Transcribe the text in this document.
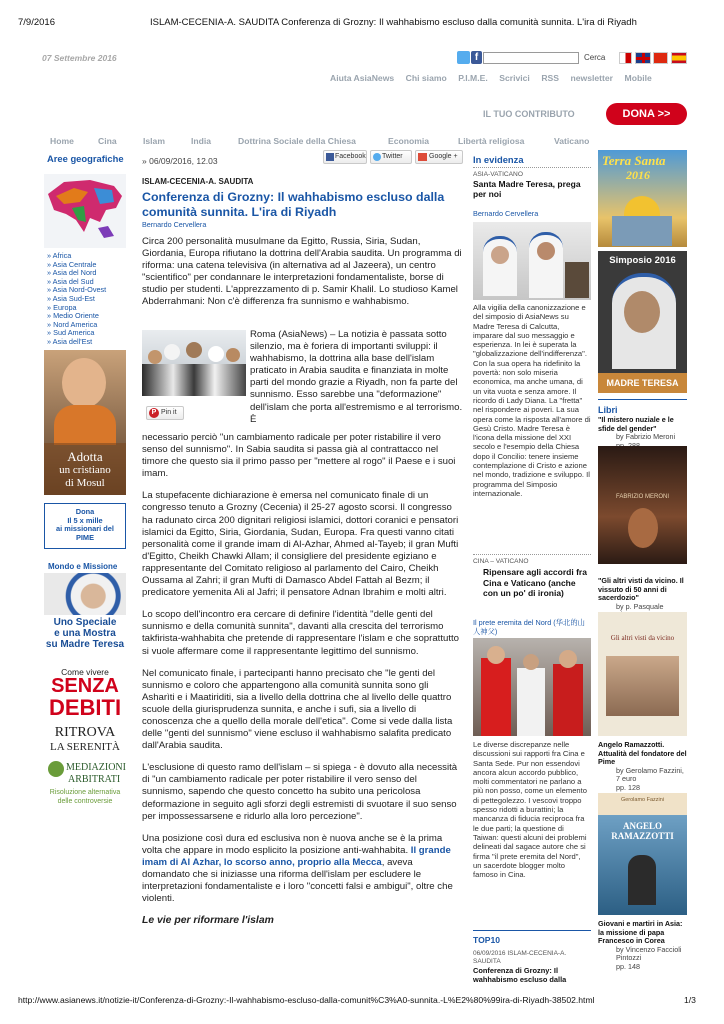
7/9/2016	ISLAM-CECENIA-A. SAUDITA Conferenza di Grozny: Il wahhabismo escluso dalla comunità sunnita. L'ira di Riyadh
07 Settembre 2016	f	Cerca
Aiuta AsiaNews Chi siamo P.I.M.E. Scrivici RSS newsletter Mobile
IL TUO CONTRIBUTO	DONA >>
Home	Cina	Islam	India	Dottrina Sociale della Chiesa	Economia	Libertà religiosa	Vaticano
Aree geografiche
» Africa
» Asia Centrale
» Asia del Nord
» Asia del Sud
» Asia Nord-Ovest
» Asia Sud-Est
» Europa
» Medio Oriente
» Nord America
» Sud America
» Asia dell'Est
Adotta
un cristiano
di Mosul
Dona
Il 5 x mille
ai missionari del
PIME
Mondo e Missione
Uno Speciale
e una Mostra
su Madre Teresa
Come vivere
SENZA
DEBITI
RITROVA
LA SERENITÀ
MEDIAZIONI
ARBITRATI
Risoluzione alternativa
delle controversie
» 06/09/2016, 12.03	Facebook	Twitter	Google +
ISLAM-CECENIA-A. SAUDITA
Conferenza di Grozny: Il wahhabismo escluso dalla comunità sunnita. L'ira di Riyadh
Bernardo Cervellera

Circa 200 personalità musulmane da Egitto, Russia, Siria, Sudan, Giordania, Europa rifiutano la dottrina dell'Arabia saudita. Un programma di riforma: una catena televisiva (in alternativa ad al Jazeera), un centro "scientifico" per condannare le interpretazioni fondamentaliste, borse di studio per studenti. L'apprezzamento di p. Samir Khalil. Lo studioso Kamel Abderrahmani: Non c'è differenza fra sunnismo e wahhabismo.

P Pin it

Roma (AsiaNews) – La notizia è passata sotto silenzio, ma è foriera di importanti sviluppi: il wahhabismo, la dottrina alla base dell'islam praticato in Arabia saudita e finanziata in molte parti del mondo grazie a Riyadh, non fa parte del sunnismo. Esso sarebbe una "deformazione" dell'islam che porta all'estremismo e al terrorismo. È

necessario perciò "un cambiamento radicale per poter ristabilire il vero senso del sunnismo". In Sabia saudita si passa già al contrattacco nel timore che questo sia il primo passo per "mettere al rogo" il Paese e i suoi imam.

La stupefacente dichiarazione è emersa nel comunicato finale di un congresso tenuto a Grozny (Cecenia) il 25-27 agosto scorsi. Il congresso ha radunato circa 200 dignitari religiosi islamici, dottori coranici e pensatori islamici da Egitto, Siria, Giordania, Sudan, Europa. Fra questi vanno citati personalità come il grande imam di Al-Azhar, Ahmed al-Tayeb; il gran Mufti d'Egitto, Cheikh Chawki Allam; il consigliere del presidente egiziano e rappresentante del Comitato religioso al parlamento del Cairo, Cheikh Oussama al Zahri; il gran Mufti di Damasco Abdel Fattah al Bezm; il predicatore yemenita Ali al Jafri; il pensatore Adnan Ibrahim e molti altri.

Lo scopo dell'incontro era cercare di definire l'identità "delle genti del sunnismo e della comunità sunnita", davanti alla crescita del terrorismo takfirista-wahhabita che pretende di rappresentare l'islam e che soprattutto si vuole affermare come il rappresentante legittimo del sunnismo.

Nel comunicato finale, i partecipanti hanno precisato che "le genti del sunnismo e coloro che appartengono alla comunità sunnita sono gli Asharìti e i Maatiriditi, sia a livello della dottrina che al livello delle quattro scuole della giurisprudenza sunnita, e anche i sufi, sia a livello di conoscenza che a quello della morale dell'etica". Come si vede dalla lista delle "genti del sunnismo" viene escluso il wahhabismo salafita predicato dall'Arabia saudita.

L'esclusione di questo ramo dell'islam – si spiega - è dovuto alla necessità di "un cambiamento radicale per poter ristabilire il vero senso del sunnismo, sapendo che questo concetto ha subito una pericolosa deformazione in seguito agli sforzi degli estremisti di svuotare il suo senso per impossessarsene e ridurlo alla loro percezione".

Una posizione così dura ed esclusiva non è nuova anche se è la prima volta che appare in modo esplicito la posizione anti-wahhabita. Il grande imam di Al Azhar, lo scorso anno, proprio alla Mecca, aveva domandato che si iniziasse una riforma dell'islam per escludere le interpretazioni fondamentaliste e i loro "concetti falsi e ambigui", oltre che violenti.

Le vie per riformare l'islam

In evidenza
ASIA-VATICANO
Santa Madre Teresa, prega per noi
Bernardo Cervellera
Alla vigilia della canonizzazione e del simposio di AsiaNews su Madre Teresa di Calcutta, imparare dal suo messaggio e esperienza. In lei è superata la "globalizzazione dell'indifferenza". Con la sua opera ha ridefinito la povertà: non solo miseria economica, ma anche umana, di un vita vuota e senza amore. Il ricordo di Lady Diana. La "fretta" nel rispondere ai poveri. La sua opera come la risposta all'amore di Gesù Cristo. Madre Teresa è l'icona della missione del XXI secolo e l'esempio della Chiesa dopo il Concilio: tenere insieme contemplazione di Cristo e azione nel mondo, tradizione e sviluppo. Il programma del Simposio internazionale.
CINA – VATICANO
Ripensare agli accordi fra Cina e Vaticano (anche con un po' di ironia)
Il prete eremita del Nord (华北的山人神父)
Le diverse discrepanze nelle discussioni sui rapporti fra Cina e Santa Sede. Pur non essendovi ancora alcun accordo pubblico, molti commentatori ne parlano a più non posso, come un elemento di pettegolezzo. I vescovi troppo spesso ridotti a burattini; la mancanza di fiducia reciproca fra le due parti; la questione di Taiwan: questi alcuni dei problemi delineati dal sagace autore che si firma "il prete eremita del Nord", un sacerdote blogger molto famoso in Cina.
TOP10
06/09/2016 ISLAM-CECENIA-A. SAUDITA
Conferenza di Grozny: Il wahhabismo escluso dalla
Terra Santa
2016
Simposio 2016
MADRE TERESA
Libri
"Il mistero nuziale e le sfide del gender"
by Fabrizio Meroni
FABRIZIO MERONI
"Gli altri visti da vicino. Il vissuto di 50 anni di sacerdozio"
by p. Pasquale
Gli altri visti da vicino
Angelo Ramazzotti. Attualità del fondatore del Pime
by Gerolamo Fazzini, 7 euro
pp. 128
Gerolamo Fazzini
ANGELO RAMAZZOTTI
Giovani e martiri in Asia: la missione di papa Francesco in Corea
by Vincenzo Faccioli Pintozzi
pp. 148
http://www.asianews.it/notizie-it/Conferenza-di-Grozny:-Il-wahhabismo-escluso-dalla-comunit%C3%A0-sunnita.-L%E2%80%99ira-di-Riyadh-38502.html	1/3
